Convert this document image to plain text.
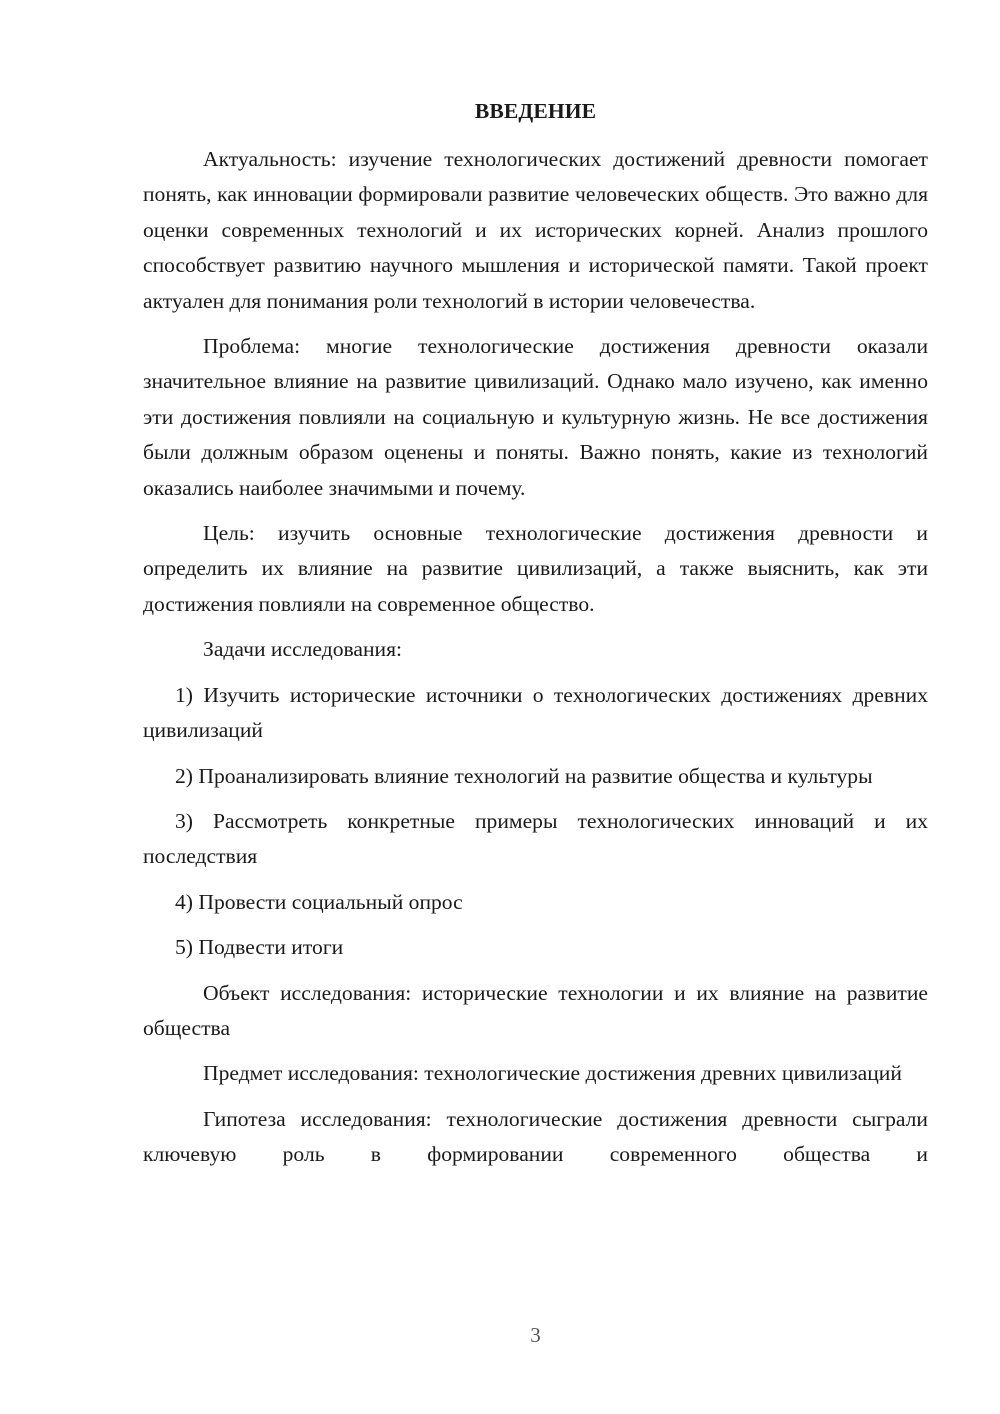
ВВЕДЕНИЕ

Актуальность: изучение технологических достижений древности помогает понять, как инновации формировали развитие человеческих обществ. Это важно для оценки современных технологий и их исторических корней. Анализ прошлого способствует развитию научного мышления и исторической памяти. Такой проект актуален для понимания роли технологий в истории человечества.

Проблема: многие технологические достижения древности оказали значительное влияние на развитие цивилизаций. Однако мало изучено, как именно эти достижения повлияли на социальную и культурную жизнь. Не все достижения были должным образом оценены и поняты. Важно понять, какие из технологий оказались наиболее значимыми и почему.

Цель: изучить основные технологические достижения древности и определить их влияние на развитие цивилизаций, а также выяснить, как эти достижения повлияли на современное общество.

Задачи исследования:

1) Изучить исторические источники о технологических достижениях древних цивилизаций

2) Проанализировать влияние технологий на развитие общества и культуры

3) Рассмотреть конкретные примеры технологических инноваций и их последствия

4) Провести социальный опрос

5) Подвести итоги

Объект исследования: исторические технологии и их влияние на развитие общества

Предмет исследования: технологические достижения древних цивилизаций

Гипотеза исследования: технологические достижения древности сыграли ключевую роль в формировании современного общества и

3
